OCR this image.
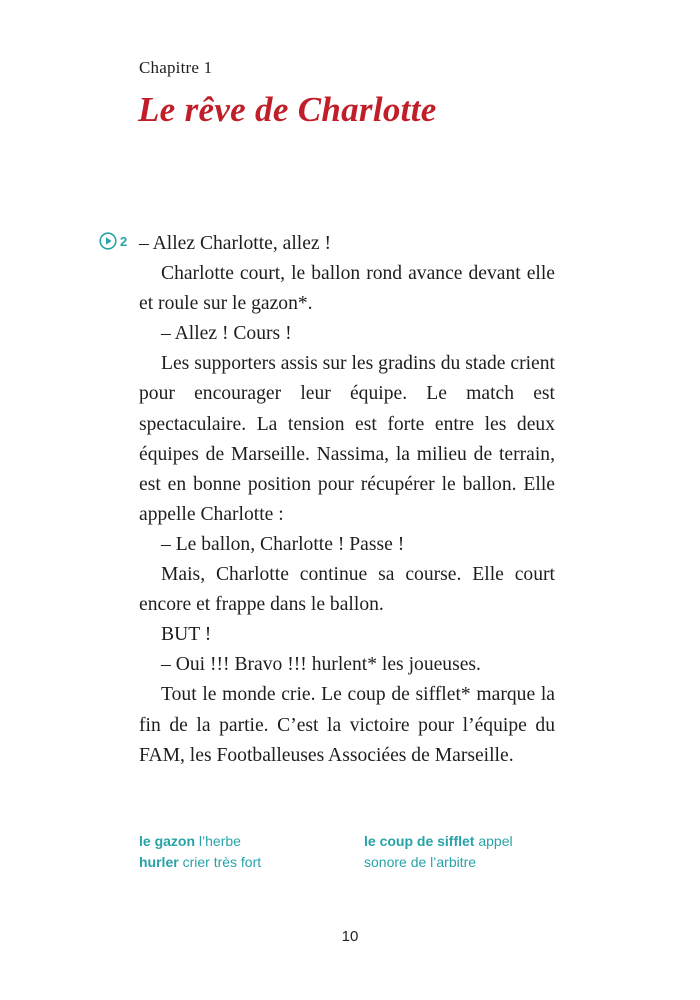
Chapitre 1
Le rêve de Charlotte
2 – Allez Charlotte, allez !

Charlotte court, le ballon rond avance devant elle et roule sur le gazon*.

– Allez ! Cours !

Les supporters assis sur les gradins du stade crient pour encourager leur équipe. Le match est spectaculaire. La tension est forte entre les deux équipes de Marseille. Nassima, la milieu de terrain, est en bonne position pour récupérer le ballon. Elle appelle Charlotte :

– Le ballon, Charlotte ! Passe !

Mais, Charlotte continue sa course. Elle court encore et frappe dans le ballon.

BUT !

– Oui !!! Bravo !!! hurlent* les joueuses.

Tout le monde crie. Le coup de sifflet* marque la fin de la partie. C’est la victoire pour l’équipe du FAM, les Footballeuses Associées de Marseille.

le gazon l’herbe

hurler crier très fort

le coup de sifflet appel sonore de l’arbitre

10
